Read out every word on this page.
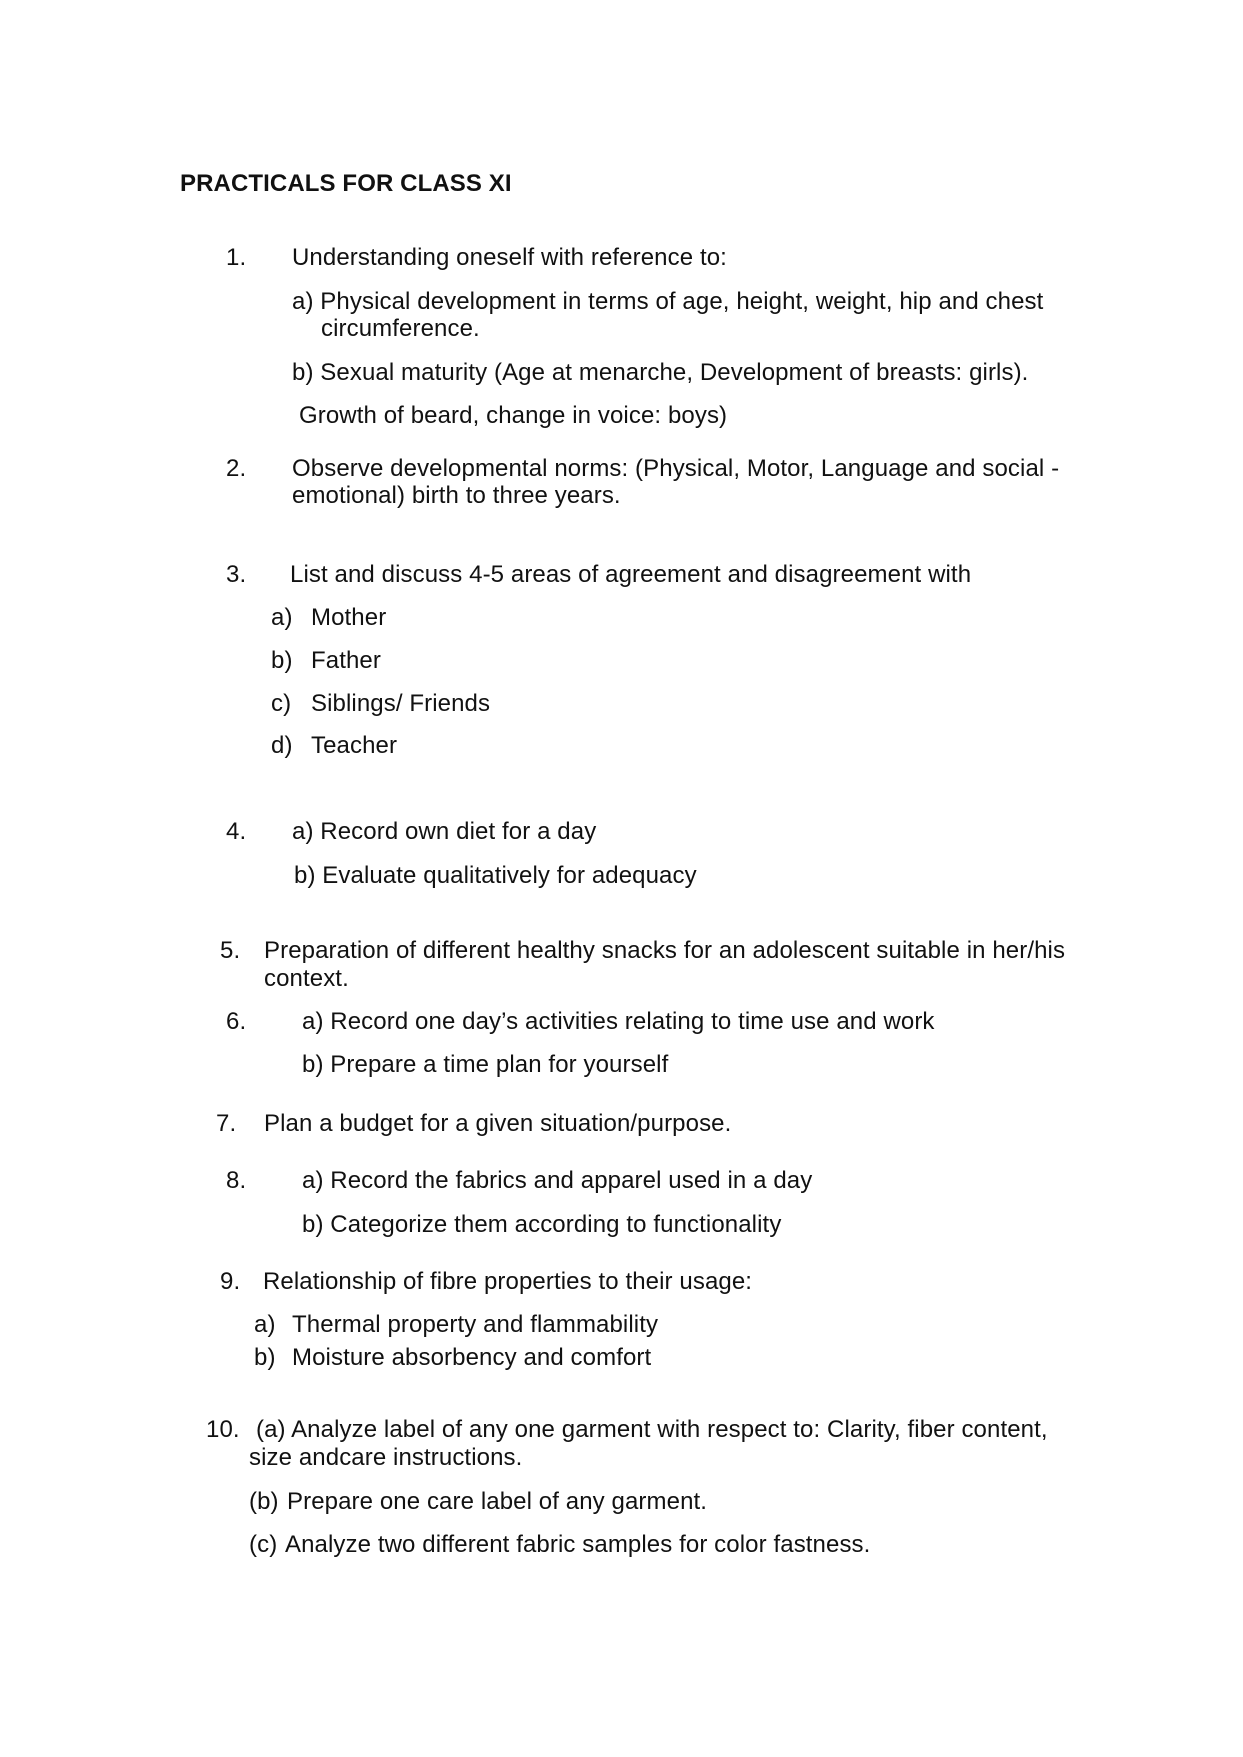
PRACTICALS FOR CLASS XI
1. Understanding oneself with reference to:
a) Physical development in terms of age, height, weight, hip and chest
circumference.
b) Sexual maturity (Age at menarche, Development of breasts: girls).
Growth of beard, change in voice: boys)
2. Observe developmental norms: (Physical, Motor, Language and social -
emotional) birth to three years.
3. List and discuss 4-5 areas of agreement and disagreement with
a) Mother
b) Father
c) Siblings/ Friends
d) Teacher
4. a) Record own diet for a day
b) Evaluate qualitatively for adequacy
5. Preparation of different healthy snacks for an adolescent suitable in her/his
context.
6. a) Record one day’s activities relating to time use and work
b) Prepare a time plan for yourself
7. Plan a budget for a given situation/purpose.
8. a) Record the fabrics and apparel used in a day
b) Categorize them according to functionality
9. Relationship of fibre properties to their usage:
a) Thermal property and flammability
b) Moisture absorbency and comfort
10. (a) Analyze label of any one garment with respect to: Clarity, fiber content,
size andcare instructions.
(b) Prepare one care label of any garment.
(c) Analyze two different fabric samples for color fastness.
